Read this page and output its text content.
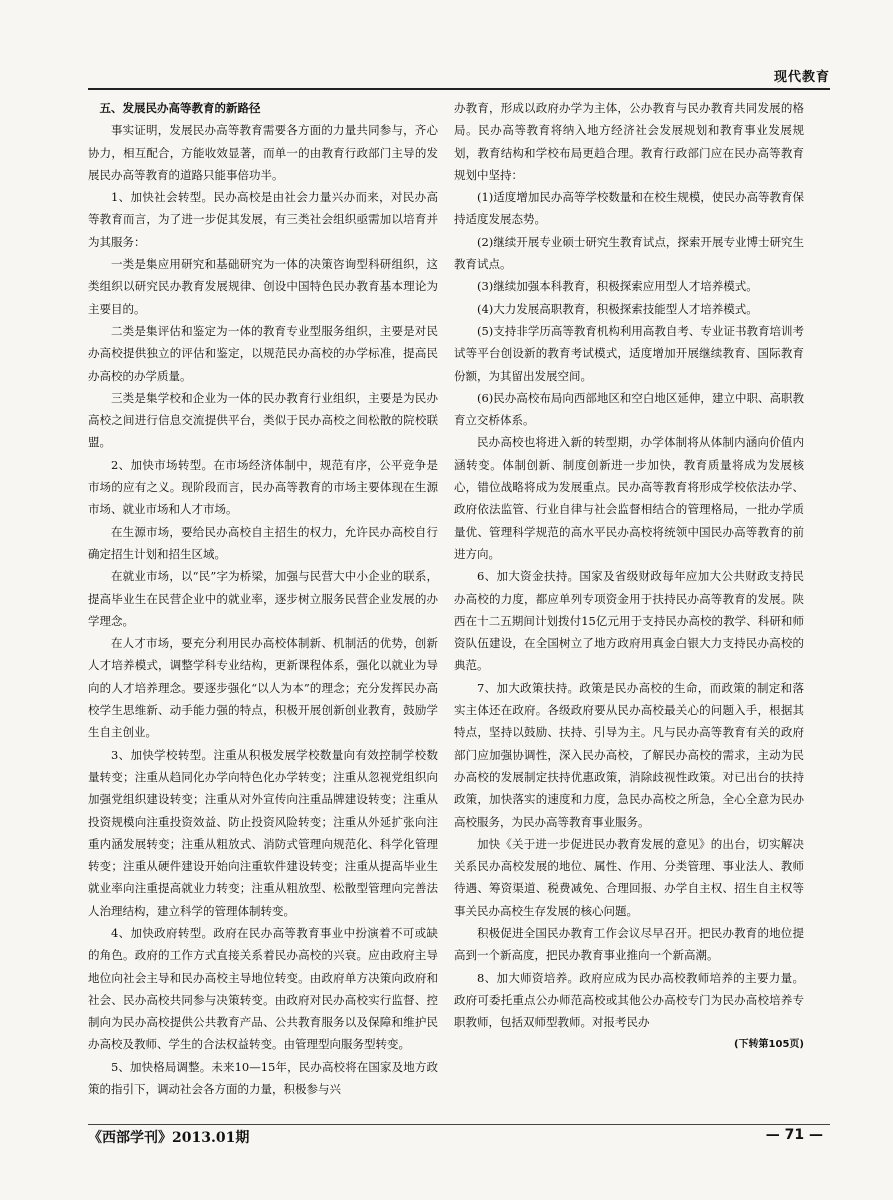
现代教育

五、发展民办高等教育的新路径

事实证明，发展民办高等教育需要各方面的力量共同参与，齐心协力，相互配合，方能收效显著，而单一的由教育行政部门主导的发展民办高等教育的道路只能事倍功半。

1、加快社会转型。民办高校是由社会力量兴办而来，对民办高等教育而言，为了进一步促其发展，有三类社会组织亟需加以培育并为其服务：

一类是集应用研究和基础研究为一体的决策咨询型科研组织，这类组织以研究民办教育发展规律、创设中国特色民办教育基本理论为主要目的。

二类是集评估和鉴定为一体的教育专业型服务组织，主要是对民办高校提供独立的评估和鉴定，以规范民办高校的办学标准，提高民办高校的办学质量。

三类是集学校和企业为一体的民办教育行业组织，主要是为民办高校之间进行信息交流提供平台，类似于民办高校之间松散的院校联盟。

2、加快市场转型。在市场经济体制中，规范有序，公平竞争是市场的应有之义。现阶段而言，民办高等教育的市场主要体现在生源市场、就业市场和人才市场。

在生源市场，要给民办高校自主招生的权力，允许民办高校自行确定招生计划和招生区域。

在就业市场，以“民”字为桥梁，加强与民营大中小企业的联系，提高毕业生在民营企业中的就业率，逐步树立服务民营企业发展的办学理念。

在人才市场，要充分利用民办高校体制新、机制活的优势，创新人才培养模式，调整学科专业结构，更新课程体系，强化以就业为导向的人才培养理念。要逐步强化“以人为本”的理念；充分发挥民办高校学生思维新、动手能力强的特点，积极开展创新创业教育，鼓励学生自主创业。

3、加快学校转型。注重从积极发展学校数量向有效控制学校数量转变；注重从趋同化办学向特色化办学转变；注重从忽视党组织向加强党组织建设转变；注重从对外宣传向注重品牌建设转变；注重从投资规模向注重投资效益、防止投资风险转变；注重从外延扩张向注重内涵发展转变；注重从粗放式、消防式管理向规范化、科学化管理转变；注重从硬件建设开始向注重软件建设转变；注重从提高毕业生就业率向注重提高就业力转变；注重从粗放型、松散型管理向完善法人治理结构，建立科学的管理体制转变。

4、加快政府转型。政府在民办高等教育事业中扮演着不可或缺的角色。政府的工作方式直接关系着民办高校的兴衰。应由政府主导地位向社会主导和民办高校主导地位转变。由政府单方决策向政府和社会、民办高校共同参与决策转变。由政府对民办高校实行监督、控制向为民办高校提供公共教育产品、公共教育服务以及保障和维护民办高校及教师、学生的合法权益转变。由管理型向服务型转变。

5、加快格局调整。未来10—15年，民办高校将在国家及地方政策的指引下，调动社会各方面的力量，积极参与兴

办教育，形成以政府办学为主体，公办教育与民办教育共同发展的格局。民办高等教育将纳入地方经济社会发展规划和教育事业发展规划，教育结构和学校布局更趋合理。教育行政部门应在民办高等教育规划中坚持：

(1)适度增加民办高等学校数量和在校生规模，使民办高等教育保持适度发展态势。

(2)继续开展专业硕士研究生教育试点，探索开展专业博士研究生教育试点。

(3)继续加强本科教育，积极探索应用型人才培养模式。

(4)大力发展高职教育，积极探索技能型人才培养模式。

(5)支持非学历高等教育机构利用高教自考、专业证书教育培训考试等平台创设新的教育考试模式，适度增加开展继续教育、国际教育份额，为其留出发展空间。

(6)民办高校布局向西部地区和空白地区延伸，建立中职、高职教育立交桥体系。

民办高校也将进入新的转型期，办学体制将从体制内涵向价值内涵转变。体制创新、制度创新进一步加快，教育质量将成为发展核心，错位战略将成为发展重点。民办高等教育将形成学校依法办学、政府依法监管、行业自律与社会监督相结合的管理格局，一批办学质量优、管理科学规范的高水平民办高校将统领中国民办高等教育的前进方向。

6、加大资金扶持。国家及省级财政每年应加大公共财政支持民办高校的力度，都应单列专项资金用于扶持民办高等教育的发展。陕西在十二五期间计划拨付15亿元用于支持民办高校的教学、科研和师资队伍建设，在全国树立了地方政府用真金白银大力支持民办高校的典范。

7、加大政策扶持。政策是民办高校的生命，而政策的制定和落实主体还在政府。各级政府要从民办高校最关心的问题入手，根据其特点，坚持以鼓励、扶持、引导为主。凡与民办高等教育有关的政府部门应加强协调性，深入民办高校，了解民办高校的需求，主动为民办高校的发展制定扶持优惠政策，消除歧视性政策。对已出台的扶持政策，加快落实的速度和力度，急民办高校之所急，全心全意为民办高校服务，为民办高等教育事业服务。

加快《关于进一步促进民办教育发展的意见》的出台，切实解决关系民办高校发展的地位、属性、作用、分类管理、事业法人、教师待遇、筹资渠道、税费减免、合理回报、办学自主权、招生自主权等事关民办高校生存发展的核心问题。

积极促进全国民办教育工作会议尽早召开。把民办教育的地位提高到一个新高度，把民办教育事业推向一个新高潮。

8、加大师资培养。政府应成为民办高校教师培养的主要力量。政府可委托重点公办师范高校或其他公办高校专门为民办高校培养专职教师，包括双师型教师。对报考民办

(下转第105页)
《西部学刊》2013.01期	— 71 —
